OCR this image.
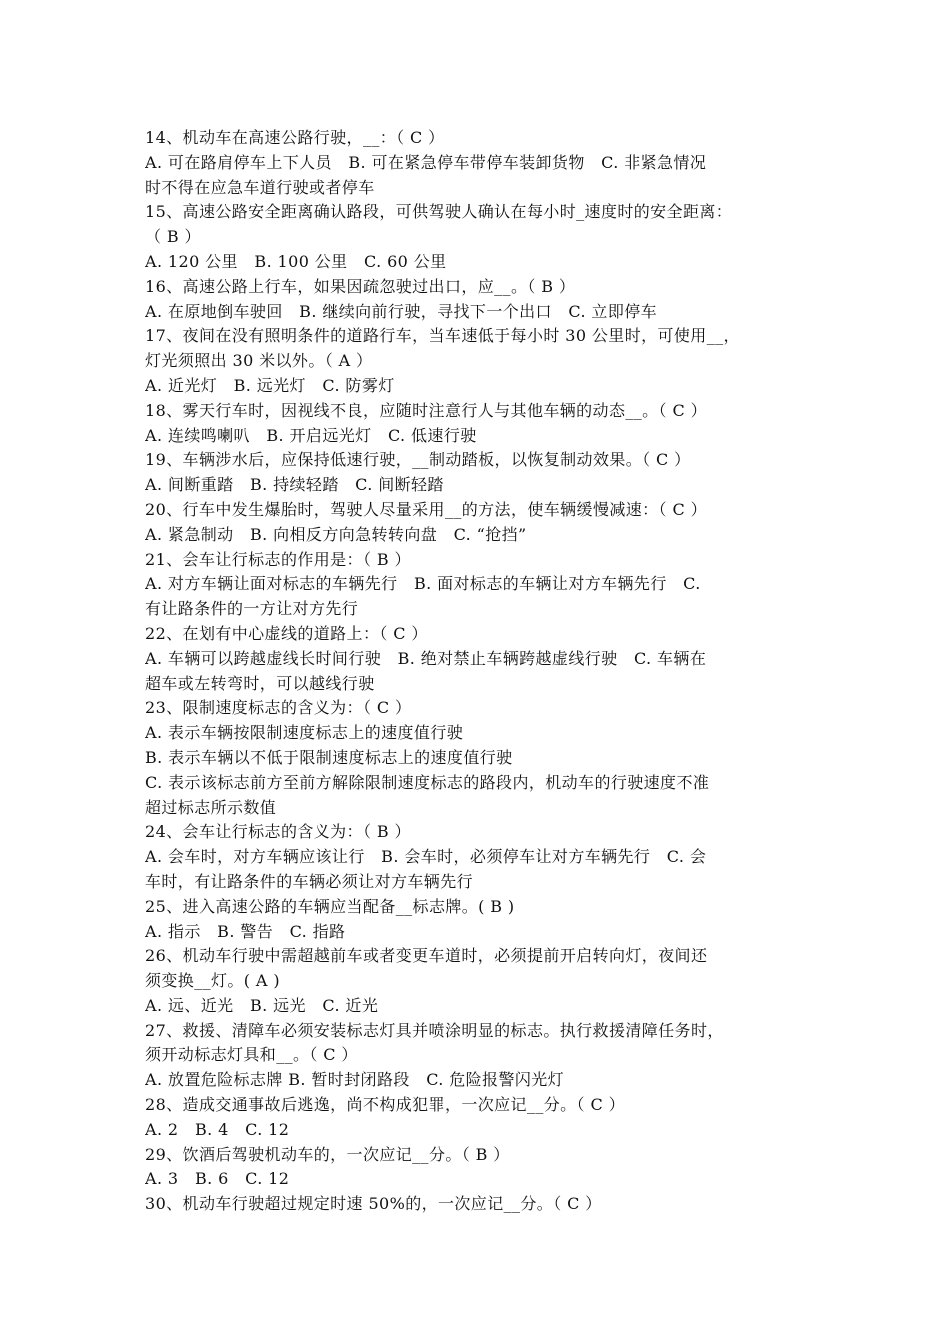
14、机动车在高速公路行驶，__：（ C ）
A. 可在路肩停车上下人员   B. 可在紧急停车带停车装卸货物   C. 非紧急情况
时不得在应急车道行驶或者停车
15、高速公路安全距离确认路段，可供驾驶人确认在每小时_速度时的安全距离：
（ B ）
A. 120 公里   B. 100 公里   C. 60 公里
16、高速公路上行车，如果因疏忽驶过出口，应__。（ B ）
A. 在原地倒车驶回   B. 继续向前行驶，寻找下一个出口   C. 立即停车
17、夜间在没有照明条件的道路行车，当车速低于每小时 30 公里时，可使用__，
灯光须照出 30 米以外。（ A ）
A. 近光灯   B. 远光灯   C. 防雾灯
18、雾天行车时，因视线不良，应随时注意行人与其他车辆的动态__。（ C ）
A. 连续鸣喇叭   B. 开启远光灯   C. 低速行驶
19、车辆涉水后，应保持低速行驶，__制动踏板，以恢复制动效果。（ C ）
A. 间断重踏   B. 持续轻踏   C. 间断轻踏
20、行车中发生爆胎时，驾驶人尽量采用__的方法，使车辆缓慢减速：（ C ）
A. 紧急制动   B. 向相反方向急转转向盘   C. “抢挡”
21、会车让行标志的作用是：（ B ）
A. 对方车辆让面对标志的车辆先行   B. 面对标志的车辆让对方车辆先行   C.
有让路条件的一方让对方先行
22、在划有中心虚线的道路上：（ C ）
A. 车辆可以跨越虚线长时间行驶   B. 绝对禁止车辆跨越虚线行驶   C. 车辆在
超车或左转弯时，可以越线行驶
23、限制速度标志的含义为：（ C ）
A. 表示车辆按限制速度标志上的速度值行驶
B. 表示车辆以不低于限制速度标志上的速度值行驶
C. 表示该标志前方至前方解除限制速度标志的路段内，机动车的行驶速度不准
超过标志所示数值
24、会车让行标志的含义为：（ B ）
A. 会车时，对方车辆应该让行   B. 会车时，必须停车让对方车辆先行   C. 会
车时，有让路条件的车辆必须让对方车辆先行
25、进入高速公路的车辆应当配备__标志牌。( B )
A. 指示   B. 警告   C. 指路
26、机动车行驶中需超越前车或者变更车道时，必须提前开启转向灯，夜间还
须变换__灯。( A )
A. 远、近光   B. 远光   C. 近光
27、救援、清障车必须安装标志灯具并喷涂明显的标志。执行救援清障任务时，
须开动标志灯具和__。（ C ）
A. 放置危险标志牌 B. 暂时封闭路段   C. 危险报警闪光灯
28、造成交通事故后逃逸，尚不构成犯罪，一次应记__分。（ C ）
A. 2   B. 4   C. 12
29、饮酒后驾驶机动车的，一次应记__分。（ B ）
A. 3   B. 6   C. 12
30、机动车行驶超过规定时速 50%的，一次应记__分。（ C ）
